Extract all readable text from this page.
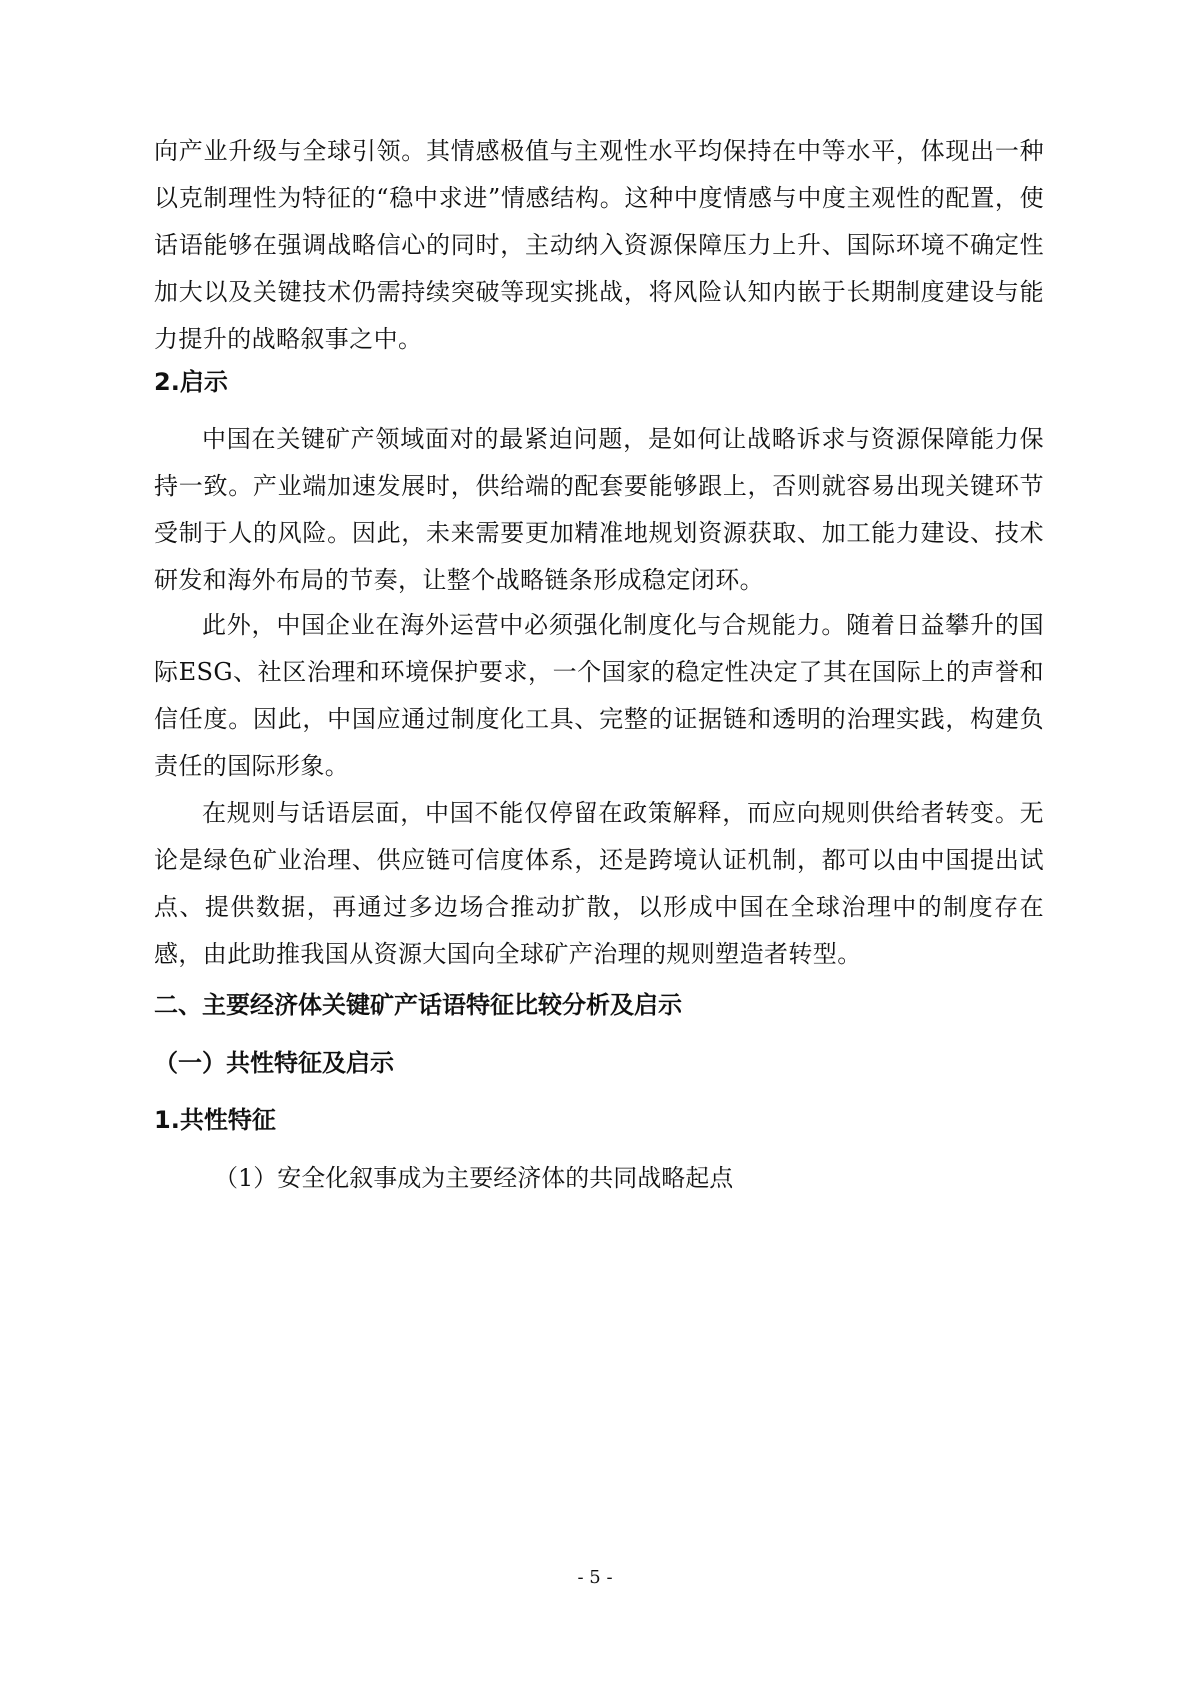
向产业升级与全球引领。其情感极值与主观性水平均保持在中等水平，体现出一种以克制理性为特征的“稳中求进”情感结构。这种中度情感与中度主观性的配置，使话语能够在强调战略信心的同时，主动纳入资源保障压力上升、国际环境不确定性加大以及关键技术仍需持续突破等现实挑战，将风险认知内嵌于长期制度建设与能力提升的战略叙事之中。

2.启示

中国在关键矿产领域面对的最紧迫问题，是如何让战略诉求与资源保障能力保持一致。产业端加速发展时，供给端的配套要能够跟上，否则就容易出现关键环节受制于人的风险。因此，未来需要更加精准地规划资源获取、加工能力建设、技术研发和海外布局的节奏，让整个战略链条形成稳定闭环。

此外，中国企业在海外运营中必须强化制度化与合规能力。随着日益攀升的国际ESG、社区治理和环境保护要求，一个国家的稳定性决定了其在国际上的声誉和信任度。因此，中国应通过制度化工具、完整的证据链和透明的治理实践，构建负责任的国际形象。

在规则与话语层面，中国不能仅停留在政策解释，而应向规则供给者转变。无论是绿色矿业治理、供应链可信度体系，还是跨境认证机制，都可以由中国提出试点、提供数据，再通过多边场合推动扩散，以形成中国在全球治理中的制度存在感，由此助推我国从资源大国向全球矿产治理的规则塑造者转型。

二、主要经济体关键矿产话语特征比较分析及启示
（一）共性特征及启示
1.共性特征
（1）安全化叙事成为主要经济体的共同战略起点
- 5 -
